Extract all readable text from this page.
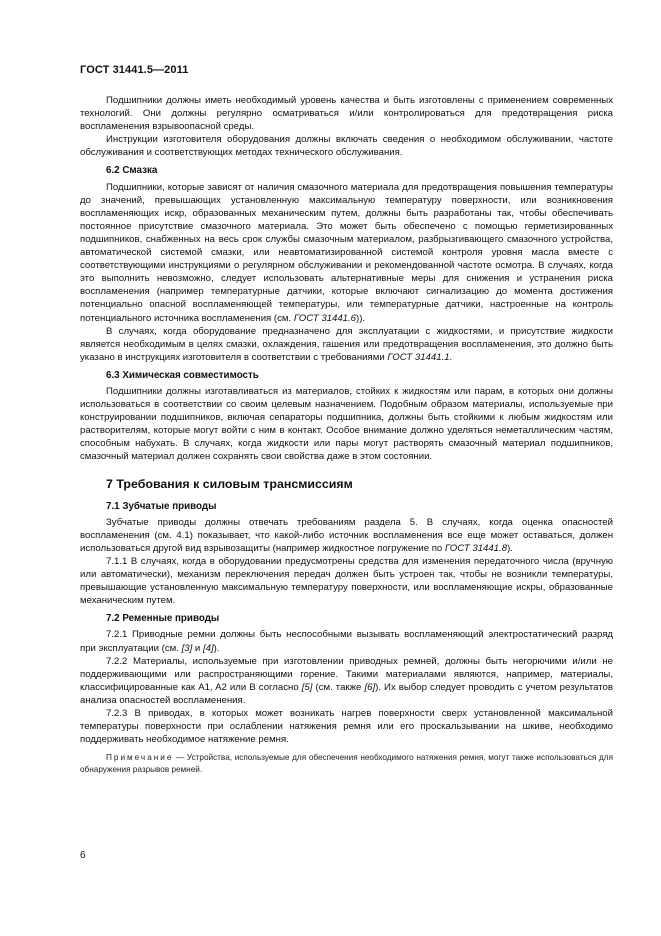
ГОСТ 31441.5—2011

Подшипники должны иметь необходимый уровень качества и быть изготовлены с применением современных технологий. Они должны регулярно осматриваться и/или контролироваться для предотвращения риска воспламенения взрывоопасной среды.

Инструкции изготовителя оборудования должны включать сведения о необходимом обслуживании, частоте обслуживания и соответствующих методах технического обслуживания.

6.2 Смазка

Подшипники, которые зависят от наличия смазочного материала для предотвращения повышения температуры до значений, превышающих установленную максимальную температуру поверхности, или возникновения воспламеняющих искр, образованных механическим путем, должны быть разработаны так, чтобы обеспечивать постоянное присутствие смазочного материала. Это может быть обеспечено с помощью герметизированных подшипников, снабженных на весь срок службы смазочным материалом, разбрызгивающего смазочного устройства, автоматической системой смазки, или неавтоматизированной системой контроля уровня масла вместе с соответствующими инструкциями о регулярном обслуживании и рекомендованной частоте осмотра. В случаях, когда это выполнить невозможно, следует использовать альтернативные меры для снижения и устранения риска воспламенения (например температурные датчики, которые включают сигнализацию до момента достижения потенциально опасной воспламеняющей температуры, или температурные датчики, настроенные на контроль потенциального источника воспламенения (см. ГОСТ 31441.6)).

В случаях, когда оборудование предназначено для эксплуатации с жидкостями, и присутствие жидкости является необходимым в целях смазки, охлаждения, гашения или предотвращения воспламенения, это должно быть указано в инструкциях изготовителя в соответствии с требованиями ГОСТ 31441.1.

6.3 Химическая совместимость

Подшипники должны изготавливаться из материалов, стойких к жидкостям или парам, в которых они должны использоваться в соответствии со своим целевым назначением. Подобным образом материалы, используемые при конструировании подшипников, включая сепараторы подшипника, должны быть стойкими к любым жидкостям или растворителям, которые могут войти с ним в контакт. Особое внимание должно уделяться неметаллическим частям, способным набухать. В случаях, когда жидкости или пары могут растворять смазочный материал подшипников, смазочный материал должен сохранять свои свойства даже в этом состоянии.

7 Требования к силовым трансмиссиям
7.1 Зубчатые приводы

Зубчатые приводы должны отвечать требованиям раздела 5. В случаях, когда оценка опасностей воспламенения (см. 4.1) показывает, что какой-либо источник воспламенения все еще может оставаться, должен использоваться другой вид взрывозащиты (например жидкостное погружение по ГОСТ 31441.8).

7.1.1 В случаях, когда в оборудовании предусмотрены средства для изменения передаточного числа (вручную или автоматически), механизм переключения передач должен быть устроен так, чтобы не возникли температуры, превышающие установленную максимальную температуру поверхности, или воспламеняющие искры, образованные механическим путем.

7.2 Ременные приводы

7.2.1 Приводные ремни должны быть неспособными вызывать воспламеняющий электростатический разряд при эксплуатации (см. [3] и [4]).

7.2.2 Материалы, используемые при изготовлении приводных ремней, должны быть негорючими и/или не поддерживающими или распространяющими горение. Такими материалами являются, например, материалы, классифицированные как A1, A2 или B согласно [5] (см. также [6]). Их выбор следует проводить с учетом результатов анализа опасностей воспламенения.

7.2.3 В приводах, в которых может возникать нагрев поверхности сверх установленной максимальной температуры поверхности при ослаблении натяжения ремня или его проскальзывании на шкиве, необходимо поддерживать необходимое натяжение ремня.

Примечание — Устройства, используемые для обеспечения необходимого натяжения ремня, могут также использоваться для обнаружения разрывов ремней.

6
